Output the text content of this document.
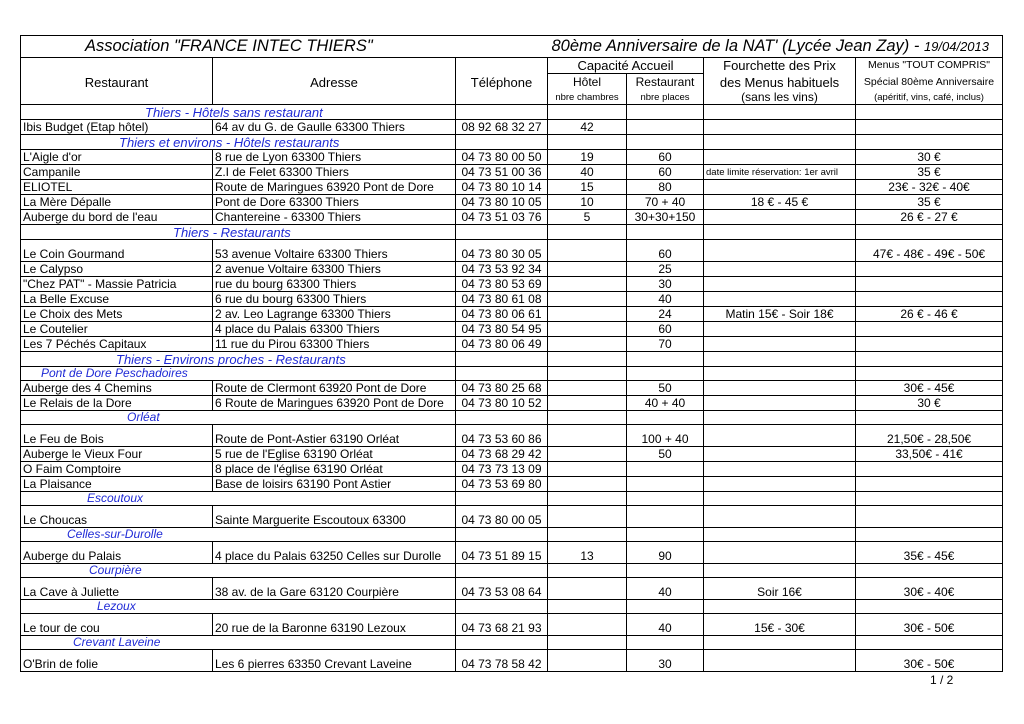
Association "FRANCE INTEC THIERS"			80ème Anniversaire de la NAT' (Lycée Jean Zay) - 19/04/2013			
			Capacité Accueil		Fourchette des Prix	Menus "TOUT COMPRIS"
Restaurant	Adresse	Téléphone	Hôtel	Restaurant	des Menus habituels	Spécial 80ème Anniversaire
			nbre chambres	nbre places	(sans les vins)	(apéritif, vins, café, inclus)
Thiers - Hôtels sans restaurant						
Ibis Budget (Etap hôtel)	64 av du G. de Gaulle 63300 Thiers	08 92 68 32 27	42			
Thiers et environs - Hôtels restaurants						
L'Aigle d'or	8 rue de Lyon 63300 Thiers	04 73 80 00 50	19	60		30 €
Campanile	Z.I de Felet 63300 Thiers	04 73 51 00 36	40	60	date limite réservation: 1er avril	35 €
ELIOTEL	Route de Maringues 63920 Pont de Dore	04 73 80 10 14	15	80		23€ - 32€ - 40€
La Mère Dépalle	Pont de Dore 63300 Thiers	04 73 80 10 05	10	70 + 40	18 € - 45 €	35 €
Auberge du bord de l'eau	Chantereine - 63300 Thiers	04 73 51 03 76	5	30+30+150		26 € - 27 €
Thiers - Restaurants						
Le Coin Gourmand	53 avenue Voltaire 63300 Thiers	04 73 80 30 05		60		47€ - 48€ - 49€ - 50€
Le Calypso	2 avenue Voltaire 63300 Thiers	04 73 53 92 34		25		
"Chez PAT" - Massie Patricia	rue du bourg 63300 Thiers	04 73 80 53 69		30		
La Belle Excuse	6 rue du bourg 63300 Thiers	04 73 80 61 08		40		
Le Choix des Mets	2 av. Leo Lagrange 63300 Thiers	04 73 80 06 61		24	Matin 15€ - Soir 18€	26 € - 46 €
Le Coutelier	4 place du Palais 63300 Thiers	04 73 80 54 95		60		
Les 7 Péchés Capitaux	11 rue du Pirou 63300 Thiers	04 73 80 06 49		70		
Thiers - Environs proches - Restaurants						
Pont de Dore Peschadoires						
Auberge des 4 Chemins	Route de Clermont 63920 Pont de Dore	04 73 80 25 68		50		30€ - 45€
Le Relais de la Dore	6 Route de Maringues 63920 Pont de Dore	04 73 80 10 52		40 + 40		30 €
Orléat						
Le Feu de Bois	Route de Pont-Astier 63190 Orléat	04 73 53 60 86		100 + 40		21,50€ - 28,50€
Auberge le Vieux Four	5 rue de l'Eglise 63190 Orléat	04 73 68 29 42		50		33,50€ - 41€
O Faim Comptoire	8 place de l'église 63190 Orléat	04 73 73 13 09				
La Plaisance	Base de loisirs 63190 Pont Astier	04 73 53 69 80				
Escoutoux						
Le Choucas	Sainte Marguerite Escoutoux 63300	04 73 80 00 05				
Celles-sur-Durolle						
Auberge du Palais	4 place du Palais 63250 Celles sur Durolle	04 73 51 89 15	13	90		35€ - 45€
Courpière						
La Cave à Juliette	38 av. de la Gare 63120 Courpière	04 73 53 08 64		40	Soir 16€	30€ - 40€
Lezoux						
Le tour de cou	20 rue de la Baronne 63190 Lezoux	04 73 68 21 93		40	15€ - 30€	30€ - 50€
Crevant Laveine						
O'Brin de folie	Les 6 pierres 63350 Crevant Laveine	04 73 78 58 42		30		30€ - 50€
1 / 2
